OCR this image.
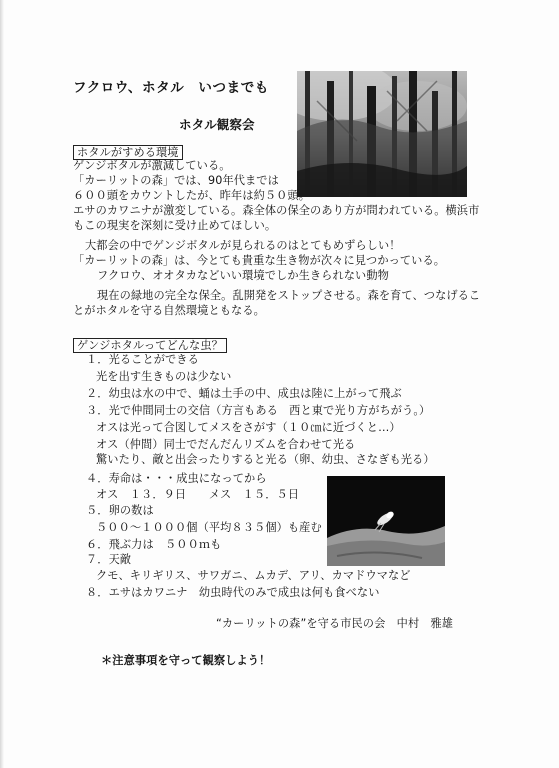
フクロウ、ホタル　いつまでも
ホタル観察会
ホタルがすめる環境
ゲンジボタルが激減している。
「カーリットの森」では、90年代までは
６００頭をカウントしたが、昨年は約５０頭。
エサのカワニナが激変している。森全体の保全のあり方が問われている。横浜市
もこの現実を深刻に受け止めてほしい。
大都会の中でゲンジボタルが見られるのはとてもめずらしい！
「カーリットの森」は、今とても貴重な生き物が次々に見つかっている。
フクロウ、オオタカなどいい環境でしか生きられない動物
現在の緑地の完全な保全。乱開発をストップさせる。森を育て、つなげるこ
とがホタルを守る自然環境ともなる。
ゲンジホタルってどんな虫？
１．光ることができる
光を出す生きものは少ない
２．幼虫は水の中で、蛹は土手の中、成虫は陸に上がって飛ぶ
３．光で仲間同士の交信（方言もある　西と東で光り方がちがう。）
オスは光って合図してメスをさがす（１０㎝に近づくと…）
オス（仲間）同士でだんだんリズムを合わせて光る
驚いたり、敵と出会ったりすると光る（卵、幼虫、さなぎも光る）
４．寿命は・・・成虫になってから
オス　１３．９日　　メス　１５．５日
５．卵の数は
５００～１０００個（平均８３５個）も産む
６．飛ぶ力は　５００ｍも
７．天敵
クモ、キリギリス、サワガニ、ムカデ、アリ、カマドウマなど
８．エサはカワニナ　幼虫時代のみで成虫は何も食べない
“カーリットの森”を守る市民の会　中村　雅雄
＊注意事項を守って観察しよう！
